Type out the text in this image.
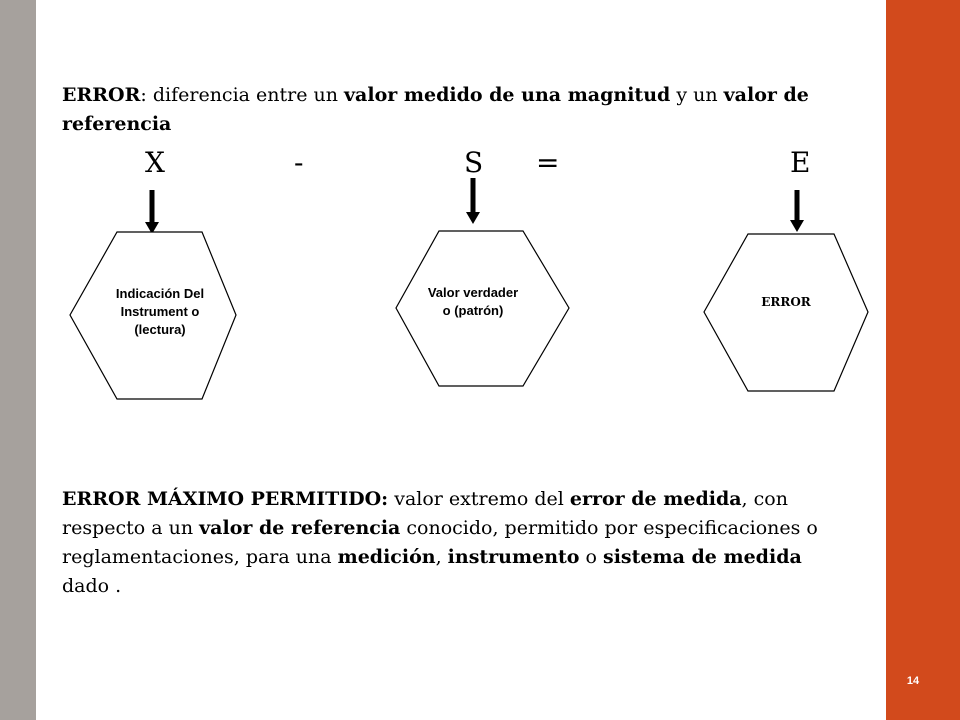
14
ERROR: diferencia entre un valor medido de una magnitud y un valor de referencia
X	-	S =	E
Indicación Del Instrument o (lectura)
Valor verdader o (patrón)
ERROR
ERROR MÁXIMO PERMITIDO: valor extremo del error de medida, con respecto a un valor de referencia conocido, permitido por especificaciones o reglamentaciones, para una medición, instrumento o sistema de medida dado .
